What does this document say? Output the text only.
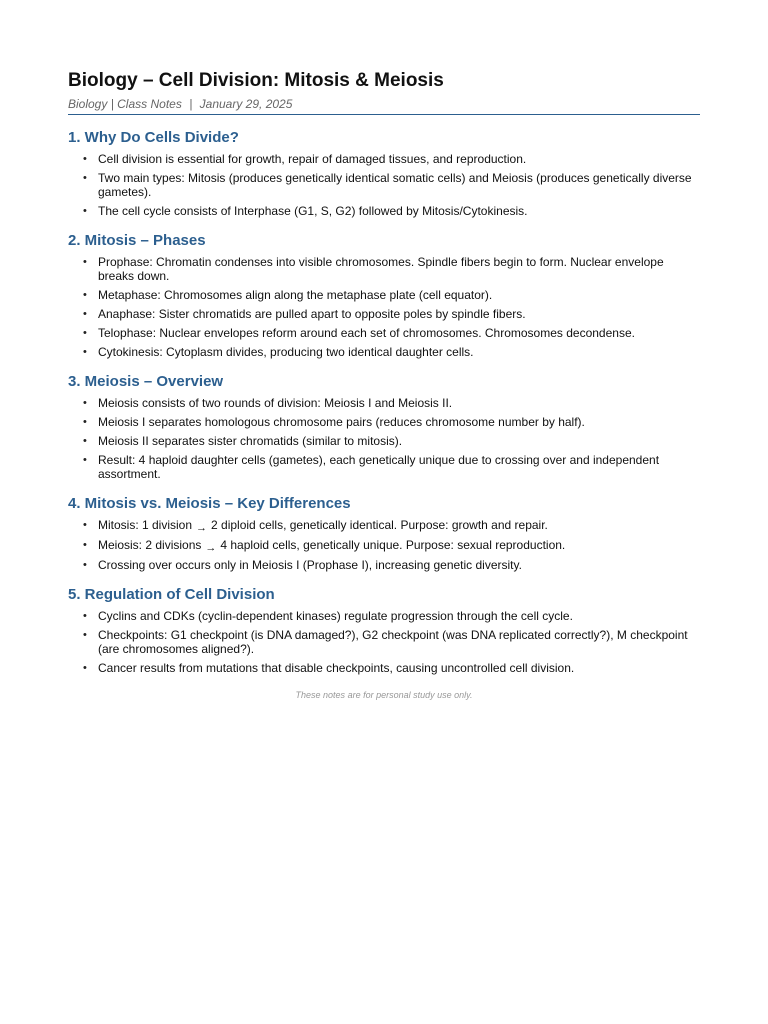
Biology – Cell Division: Mitosis & Meiosis
Biology | Class Notes | January 29, 2025
1. Why Do Cells Divide?
• Cell division is essential for growth, repair of damaged tissues, and reproduction.
• Two main types: Mitosis (produces genetically identical somatic cells) and Meiosis (produces genetically diverse gametes).
• The cell cycle consists of Interphase (G1, S, G2) followed by Mitosis/Cytokinesis.
2. Mitosis – Phases
• Prophase: Chromatin condenses into visible chromosomes. Spindle fibers begin to form. Nuclear envelope breaks down.
• Metaphase: Chromosomes align along the metaphase plate (cell equator).
• Anaphase: Sister chromatids are pulled apart to opposite poles by spindle fibers.
• Telophase: Nuclear envelopes reform around each set of chromosomes. Chromosomes decondense.
• Cytokinesis: Cytoplasm divides, producing two identical daughter cells.
3. Meiosis – Overview
• Meiosis consists of two rounds of division: Meiosis I and Meiosis II.
• Meiosis I separates homologous chromosome pairs (reduces chromosome number by half).
• Meiosis II separates sister chromatids (similar to mitosis).
• Result: 4 haploid daughter cells (gametes), each genetically unique due to crossing over and independent assortment.
4. Mitosis vs. Meiosis – Key Differences
• Mitosis: 1 division → 2 diploid cells, genetically identical. Purpose: growth and repair.
• Meiosis: 2 divisions → 4 haploid cells, genetically unique. Purpose: sexual reproduction.
• Crossing over occurs only in Meiosis I (Prophase I), increasing genetic diversity.
5. Regulation of Cell Division
• Cyclins and CDKs (cyclin-dependent kinases) regulate progression through the cell cycle.
• Checkpoints: G1 checkpoint (is DNA damaged?), G2 checkpoint (was DNA replicated correctly?), M checkpoint (are chromosomes aligned?).
• Cancer results from mutations that disable checkpoints, causing uncontrolled cell division.
These notes are for personal study use only.
